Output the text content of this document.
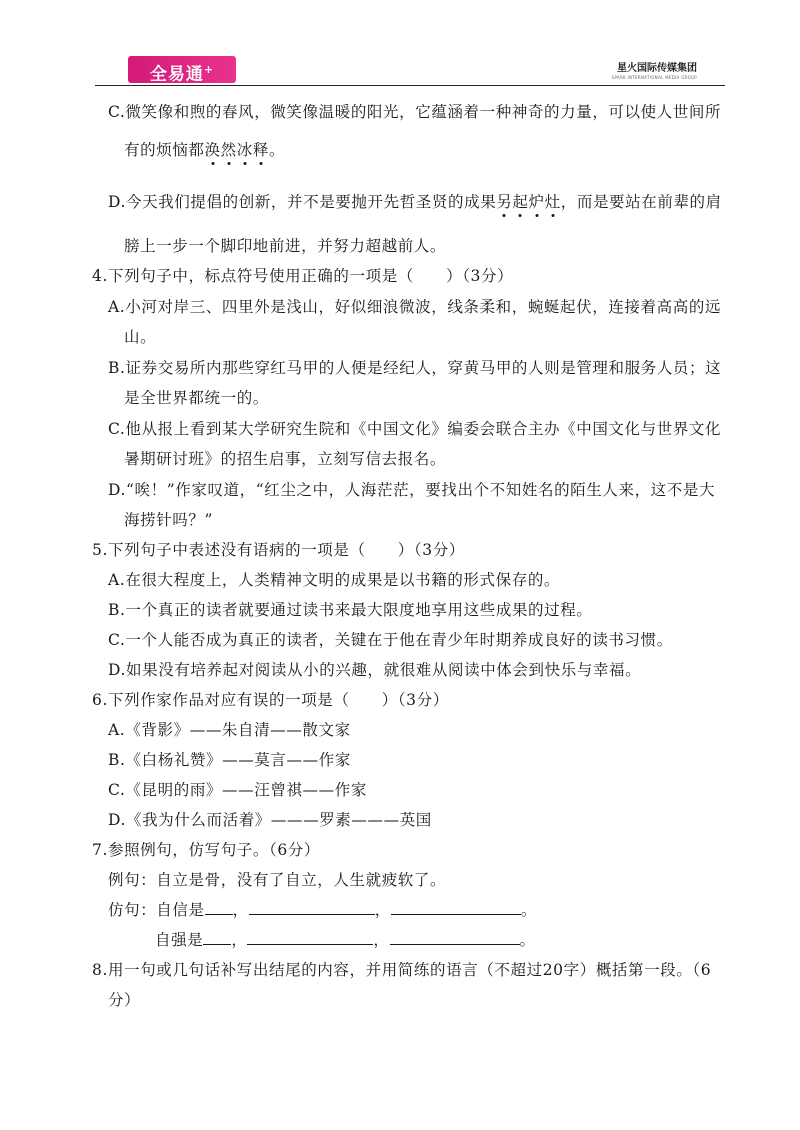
全易通+	星火国际传媒集团
SPARK INTERNATIONAL MEDIA GROUP
C.微笑像和煦的春风，微笑像温暖的阳光，它蕴涵着一种神奇的力量，可以使人世间所
有的烦恼都涣然冰释。
D.今天我们提倡的创新，并不是要抛开先哲圣贤的成果另起炉灶，而是要站在前辈的肩
膀上一步一个脚印地前进，并努力超越前人。
4.下列句子中，标点符号使用正确的一项是（　　）（3分）
A.小河对岸三、四里外是浅山，好似细浪微波，线条柔和，蜿蜒起伏，连接着高高的远
山。
B.证券交易所内那些穿红马甲的人便是经纪人，穿黄马甲的人则是管理和服务人员；这
是全世界都统一的。
C.他从报上看到某大学研究生院和《中国文化》编委会联合主办《中国文化与世界文化
暑期研讨班》的招生启事，立刻写信去报名。
D.“唉！”作家叹道，“红尘之中，人海茫茫，要找出个不知姓名的陌生人来，这不是大
海捞针吗？”
5.下列句子中表述没有语病的一项是（　　）（3分）
A.在很大程度上，人类精神文明的成果是以书籍的形式保存的。
B.一个真正的读者就要通过读书来最大限度地享用这些成果的过程。
C.一个人能否成为真正的读者，关键在于他在青少年时期养成良好的读书习惯。
D.如果没有培养起对阅读从小的兴趣，就很难从阅读中体会到快乐与幸福。
6.下列作家作品对应有误的一项是（　　）（3分）
A.《背影》——朱自清——散文家
B.《白杨礼赞》——莫言——作家
C.《昆明的雨》——汪曾祺——作家
D.《我为什么而活着》———罗素———英国
7.参照例句，仿写句子。（6分）
例句：自立是骨，没有了自立，人生就疲软了。
仿句：自信是 ，	，	。
自强是 ，	，	。
8.用一句或几句话补写出结尾的内容，并用简练的语言（不超过20字）概括第一段。（6
分）
